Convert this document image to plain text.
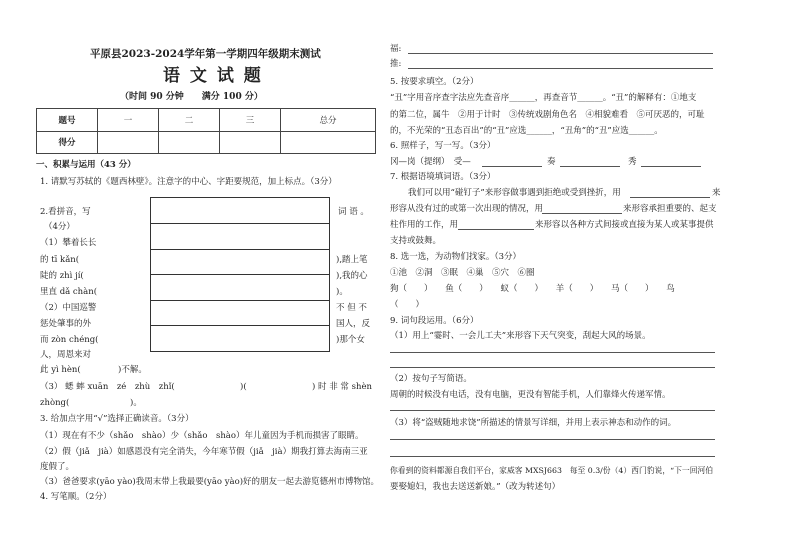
平原县2023-2024学年第一学期四年级期末测试
语 文 试 题
（时间 90 分钟　　满分 100 分）
题号	一	二	三	总分
得分				
一、积累与运用（43 分）
1. 请默写苏轼的《题西林壁》。注意字的中心、字距要规范，加上标点。（3分）
2.看拼音，写	词 语 。
（4分）
（1）攀着长长
的 tī kǎn(	),踏上笔
陡的 zhì jí(	),我的心
里直 dǎ chàn(	)。
（2）中国巡警	不 但 不
惩处肇事的外	国人，反
而 zòn chéng(	)那个女
人，周恩来对
此 yì hèn(	)不解。
（3） 蟋 蟀 xuān　zé　zhù　zhǐ(	)(	) 时 非 常 shèn
zhòng(	)。
3. 给加点字用“√”选择正确读音。（3分）
（1）现在有不少（shǎo　shào）少（shǎo　shào）年儿童因为手机而损害了眼睛。
（2）假（jiǎ　jià）如感恩没有完全消失，今年寒节假（jiǎ　jià）期我打算去海南三亚
度假了。
（3）爸爸要求(yāo yào)我周末带上我最要(yāo yào)好的朋友一起去游览德州市博物馆。
4. 写笔顺。（2分）
福:
推:
5. 按要求填空。（2分）
“丑”字用音序查字法应先查音序______，再查音节______。“丑”的解释有：①地支
的第二位，属牛　②用于计时　③传统戏剧角色名　④相貌难看　⑤可厌恶的，可耻
的，不光荣的“丑态百出”的“丑”应选______，“丑角”的“丑”应选______。
6. 照样子，写一写。（3分）
冈—岗（提纲）　受—	奏	秀
7. 根据语境填词语。（3分）
我们可以用“碰钉子”来形容做事遇到拒绝或受到挫折，用	来
形容从没有过的或第一次出现的情况，用	来形容承担重要的、起支
柱作用的工作，用	来形容以各种方式间接或直接为某人或某事提供
支持或鼓舞。
8. 选一选，为动物们找家。（3分）
①池　②洞　③眠　④巢　⑤穴　⑥圈
狗（　　）　　鱼（　　）　　蚁（　　）　　羊（　　）　　马（　　）　　鸟
（　　）
9. 词句段运用。（6分）
（1）用上“霎时、一会儿工夫”来形容下天气突变，刮起大风的场景。
（2）按句子写简语。
周朝的时候没有电话，没有电脑，更没有智能手机，人们靠烽火传递军情。
（3）将“盗贼随地求饶”所描述的情景写详细，并用上表示神态和动作的词。
你看到的资料都源自我们平台，家威客 MXSJ663　每至 0.3/份（4）西门豹说，“下一回河伯
要娶媳妇，我也去送送新娘。”（改为转述句）
